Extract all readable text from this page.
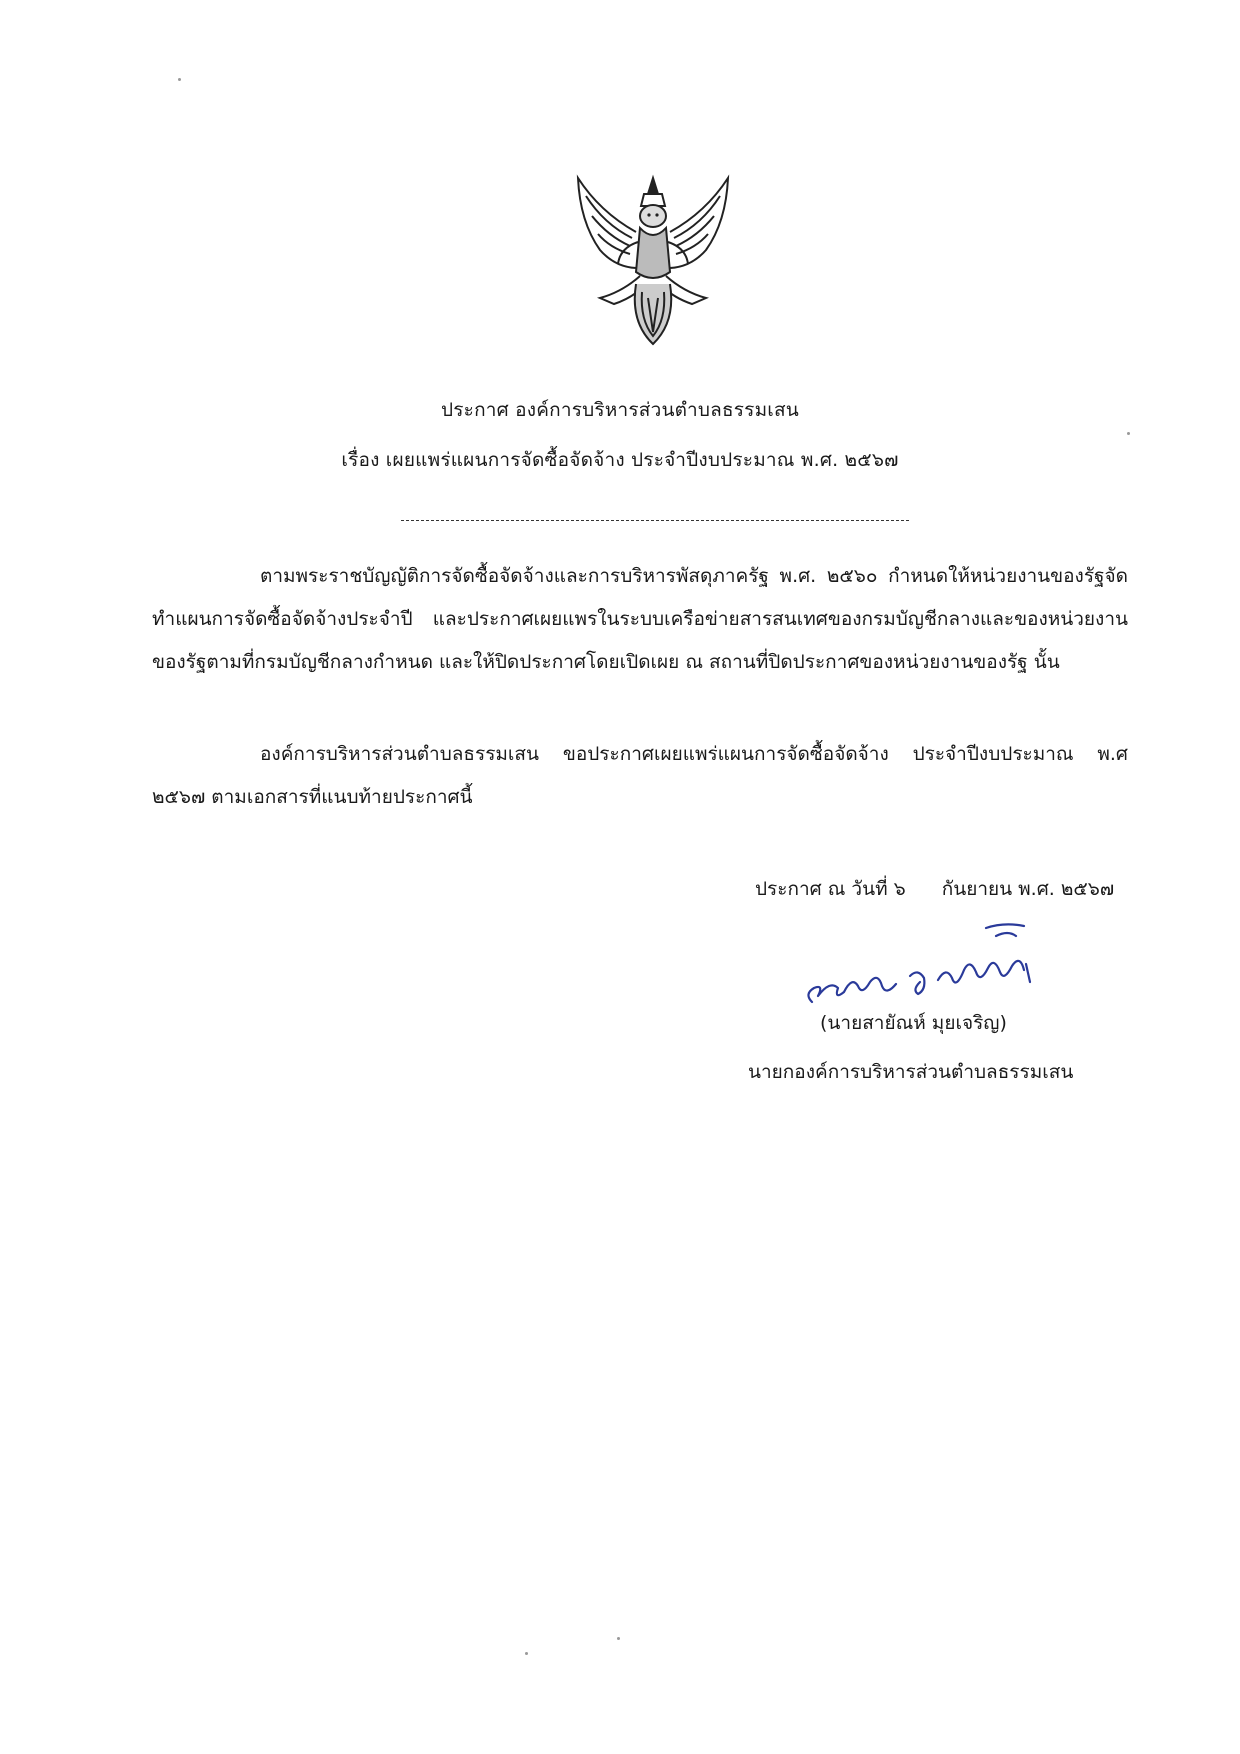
ประกาศ องค์การบริหารส่วนตำบลธรรมเสน
เรื่อง เผยแพร่แผนการจัดซื้อจัดจ้าง ประจำปีงบประมาณ พ.ศ. ๒๕๖๗

ตามพระราชบัญญัติการจัดซื้อจัดจ้างและการบริหารพัสดุภาครัฐ พ.ศ. ๒๕๖๐ กำหนดให้หน่วยงานของรัฐจัดทำแผนการจัดซื้อจัดจ้างประจำปี และประกาศเผยแพรในระบบเครือข่ายสารสนเทศของกรมบัญชีกลางและของหน่วยงานของรัฐตามที่กรมบัญชีกลางกำหนด และให้ปิดประกาศโดยเปิดเผย ณ สถานที่ปิดประกาศของหน่วยงานของรัฐ นั้น

องค์การบริหารส่วนตำบลธรรมเสน ขอประกาศเผยแพร่แผนการจัดซื้อจัดจ้าง ประจำปีงบประมาณ พ.ศ ๒๕๖๗ ตามเอกสารที่แนบท้ายประกาศนี้

ประกาศ ณ วันที่ ๖ กันยายน พ.ศ. ๒๕๖๗
(นายสายัณห์ มุยเจริญ)
นายกองค์การบริหารส่วนตำบลธรรมเสน
